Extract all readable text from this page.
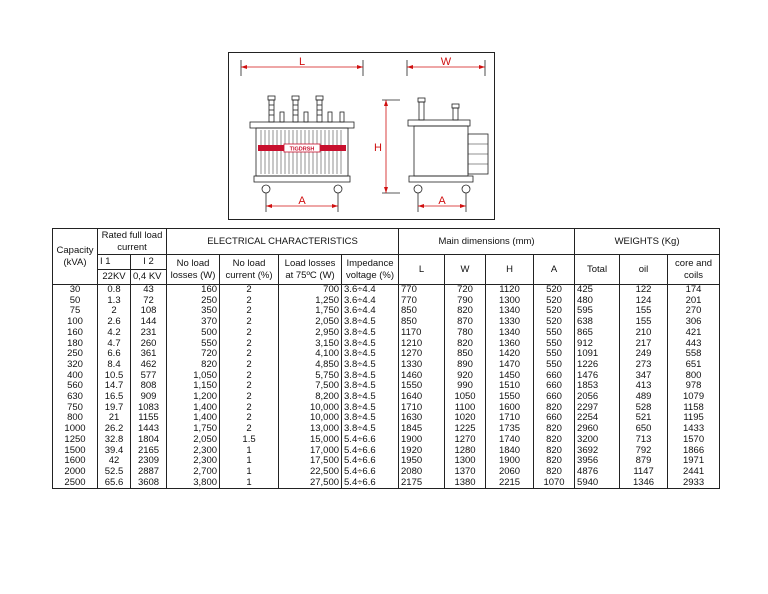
TIGDRSH
L	W
H
A	A
Capacity (kVA)	Rated full load current		ELECTRICAL CHARACTERISTICS				Main dimensions (mm)				WEIGHTS (Kg)		
	I 1	I 2	No load losses (W)	No load current (%)	Load losses at 75ºC (W)	Impedance voltage (%)	L	W	H	A	Total	oil	core and coils
	22KV	0,4 KV											
30	0.8	43	160	2	700	3.6÷4.4	770	720	1120	520	425	122	174
50	1.3	72	250	2	1,250	3.6÷4.4	770	790	1300	520	480	124	201
75	2	108	350	2	1,750	3.6÷4.4	850	820	1340	520	595	155	270
100	2.6	144	370	2	2,050	3.8÷4.5	850	870	1330	520	638	155	306
160	4.2	231	500	2	2,950	3.8÷4.5	1170	780	1340	550	865	210	421
180	4.7	260	550	2	3,150	3.8÷4.5	1210	820	1360	550	912	217	443
250	6.6	361	720	2	4,100	3.8÷4.5	1270	850	1420	550	1091	249	558
320	8.4	462	820	2	4,850	3.8÷4.5	1330	890	1470	550	1226	273	651
400	10.5	577	1,050	2	5,750	3.8÷4.5	1460	920	1450	660	1476	347	800
560	14.7	808	1,150	2	7,500	3.8÷4.5	1550	990	1510	660	1853	413	978
630	16.5	909	1,200	2	8,200	3.8÷4.5	1640	1050	1550	660	2056	489	1079
750	19.7	1083	1,400	2	10,000	3.8÷4.5	1710	1100	1600	820	2297	528	1158
800	21	1155	1,400	2	10,000	3.8÷4.5	1630	1020	1710	660	2254	521	1195
1000	26.2	1443	1,750	2	13,000	3.8÷4.5	1845	1225	1735	820	2960	650	1433
1250	32.8	1804	2,050	1.5	15,000	5.4÷6.6	1900	1270	1740	820	3200	713	1570
1500	39.4	2165	2,300	1	17,000	5.4÷6.6	1920	1280	1840	820	3692	792	1866
1600	42	2309	2,300	1	17,500	5.4÷6.6	1950	1300	1900	820	3956	879	1971
2000	52.5	2887	2,700	1	22,500	5.4÷6.6	2080	1370	2060	820	4876	1147	2441
2500	65.6	3608	3,800	1	27,500	5.4÷6.6	2175	1380	2215	1070	5940	1346	2933
